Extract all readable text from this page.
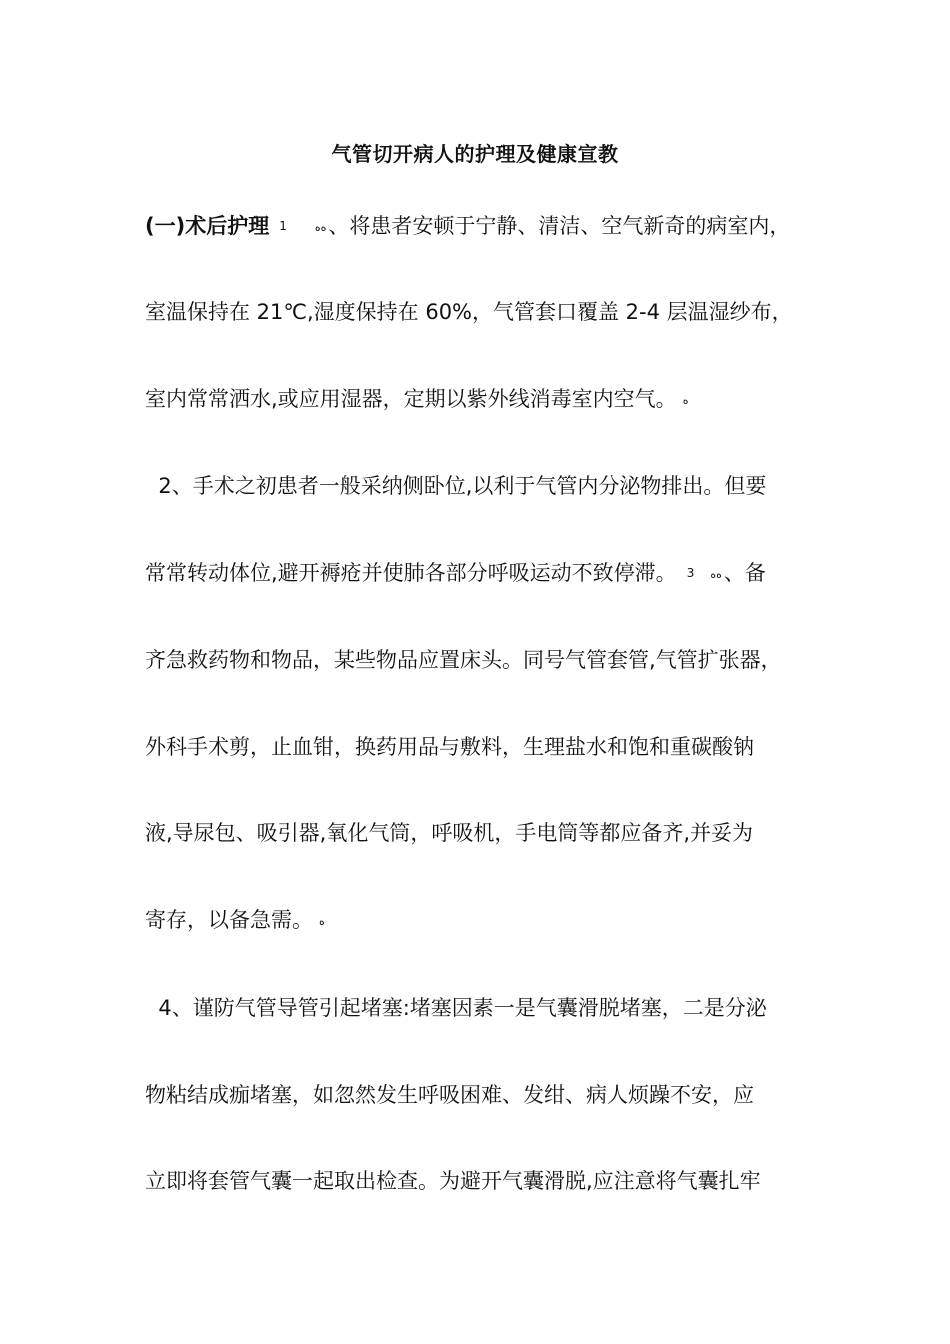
气管切开病人的护理及健康宣教
(一)术后护理 1	ﻩﻩ、将患者安顿于宁静、清洁、空气新奇的病室内，
室温保持在 21℃,湿度保持在 60%，气管套口覆盖 2-4 层温湿纱布，
室内常常洒水,或应用湿器，定期以紫外线消毒室内空气。 ﻩ
2、手术之初患者一般采纳侧卧位,以利于气管内分泌物排出。但要
常常转动体位,避开褥疮并使肺各部分呼吸运动不致停滞。 3 ﻩﻩ、备
齐急救药物和物品，某些物品应置床头。同号气管套管,气管扩张器，
外科手术剪，止血钳，换药用品与敷料，生理盐水和饱和重碳酸钠
液,导尿包、吸引器,氧化气筒，呼吸机，手电筒等都应备齐,并妥为
寄存，以备急需。 ﻩ
4、谨防气管导管引起堵塞:堵塞因素一是气囊滑脱堵塞，二是分泌
物粘结成痂堵塞，如忽然发生呼吸困难、发绀、病人烦躁不安，应
立即将套管气囊一起取出检查。为避开气囊滑脱,应注意将气囊扎牢
